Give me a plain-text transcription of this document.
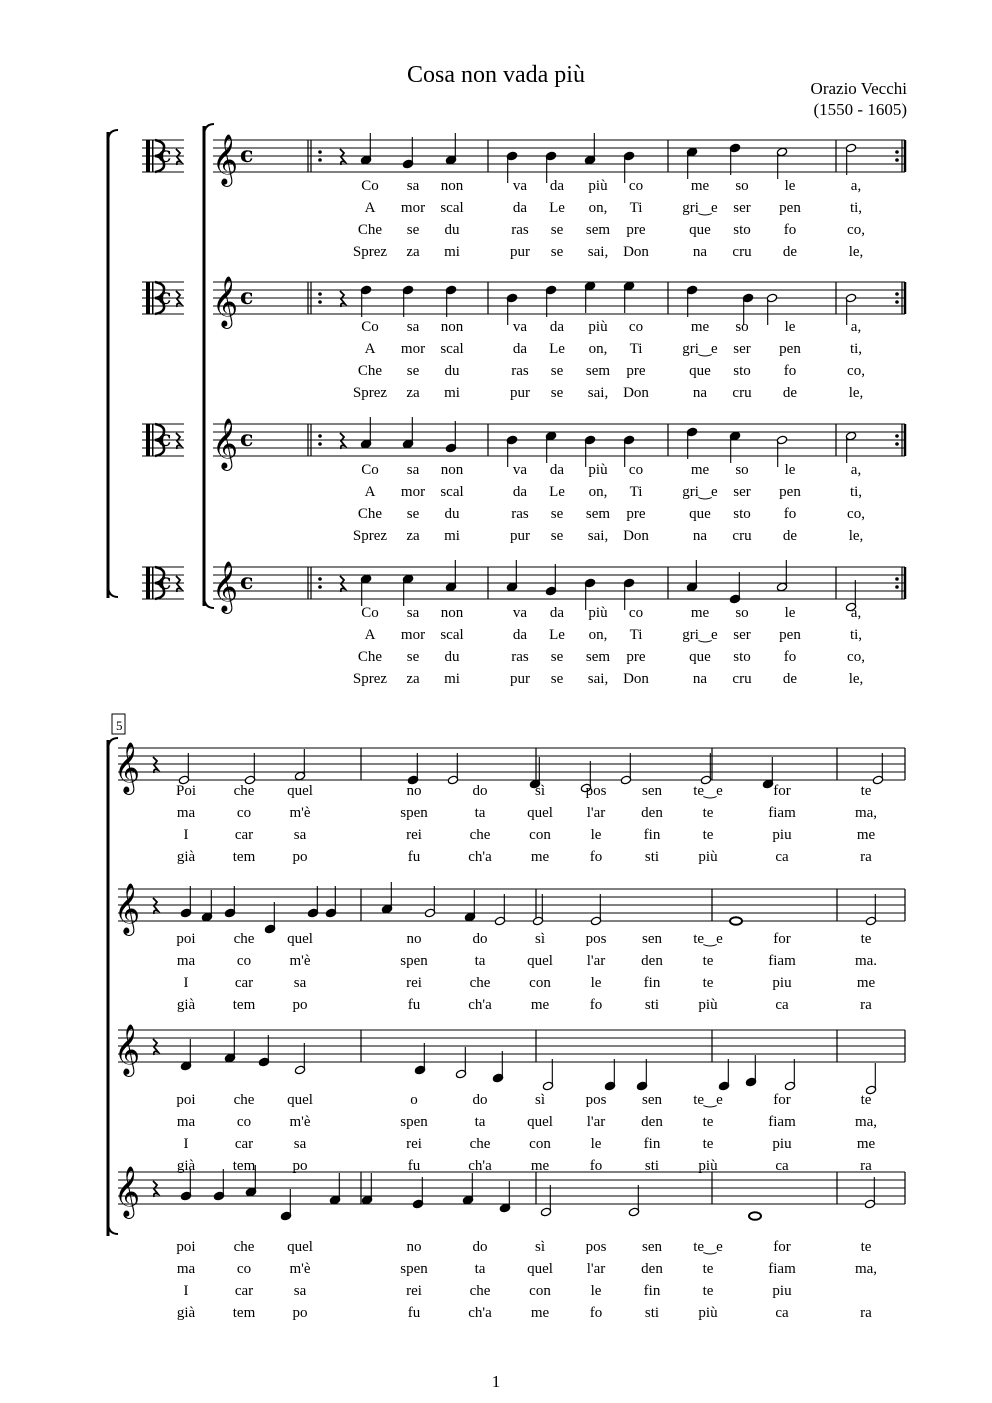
Cosa non vada più
Orazio Vecchi
(1550 - 1605)
c 𝄞 c
c 𝄞 c
c 𝄞 c
c 𝄞 c
𝄞
𝄞
𝄞
𝄞
Co sa non	va da più co	me so le	a,
A mor scal	da Le on, Ti	gri‿e ser pen	ti,
Che se du	ras se sem pre	que sto fo	co,
Sprez za mi	pur se sai, Don	na cru de	le,
Co sa non	va da più co	me so le	a,
A mor scal	da Le on, Ti	gri‿e ser pen	ti,
Che se du	ras se sem pre	que sto fo	co,
Sprez za mi	pur se sai, Don	na cru de	le,
Co sa non	va da più co	me so le	a,
A mor scal	da Le on, Ti	gri‿e ser pen	ti,
Che se du	ras se sem pre	que sto fo	co,
Sprez za mi	pur se sai, Don	na cru de	le,
Co sa non	va da più co	me so le	a,
A mor scal	da Le on, Ti	gri‿e ser pen	ti,
Che se du	ras se sem pre	que sto fo	co,
Sprez za mi	pur se sai, Don	na cru de	le,
Poi	che quel	no	do	sì	pos sen te‿e	for	te
ma	co	m'è	spen	ta	quel l'ar den	te	fiam	ma,
I	car	sa	rei	che	con	le	fin	te	piu	me
già	tem po	fu	ch'a	me	fo	sti	più	ca	ra
poi	che quel	no	do	sì	pos sen te‿e	for	te
ma	co	m'è	spen	ta	quel l'ar den	te	fiam	ma.
I	car	sa	rei	che	con	le	fin	te	piu	me
già	tem po	fu	ch'a	me	fo	sti	più	ca	ra
poi	che quel	o	do	sì	pos sen te‿e	for	te
ma	co	m'è	spen	ta	quel l'ar den	te	fiam	ma,
I	car	sa	rei	che	con	le	fin	te	piu	me
già	tem po	fu	ch'a	me	fo	sti	più	ca	ra
poi	che quel	no	do	sì	pos sen te‿e	for	te
ma	co	m'è	spen	ta	quel l'ar den	te	fiam	ma,
I	car	sa	rei	che	con	le	fin	te	piu
già	tem po	fu	ch'a	me	fo	sti	più	ca	ra
5
1
